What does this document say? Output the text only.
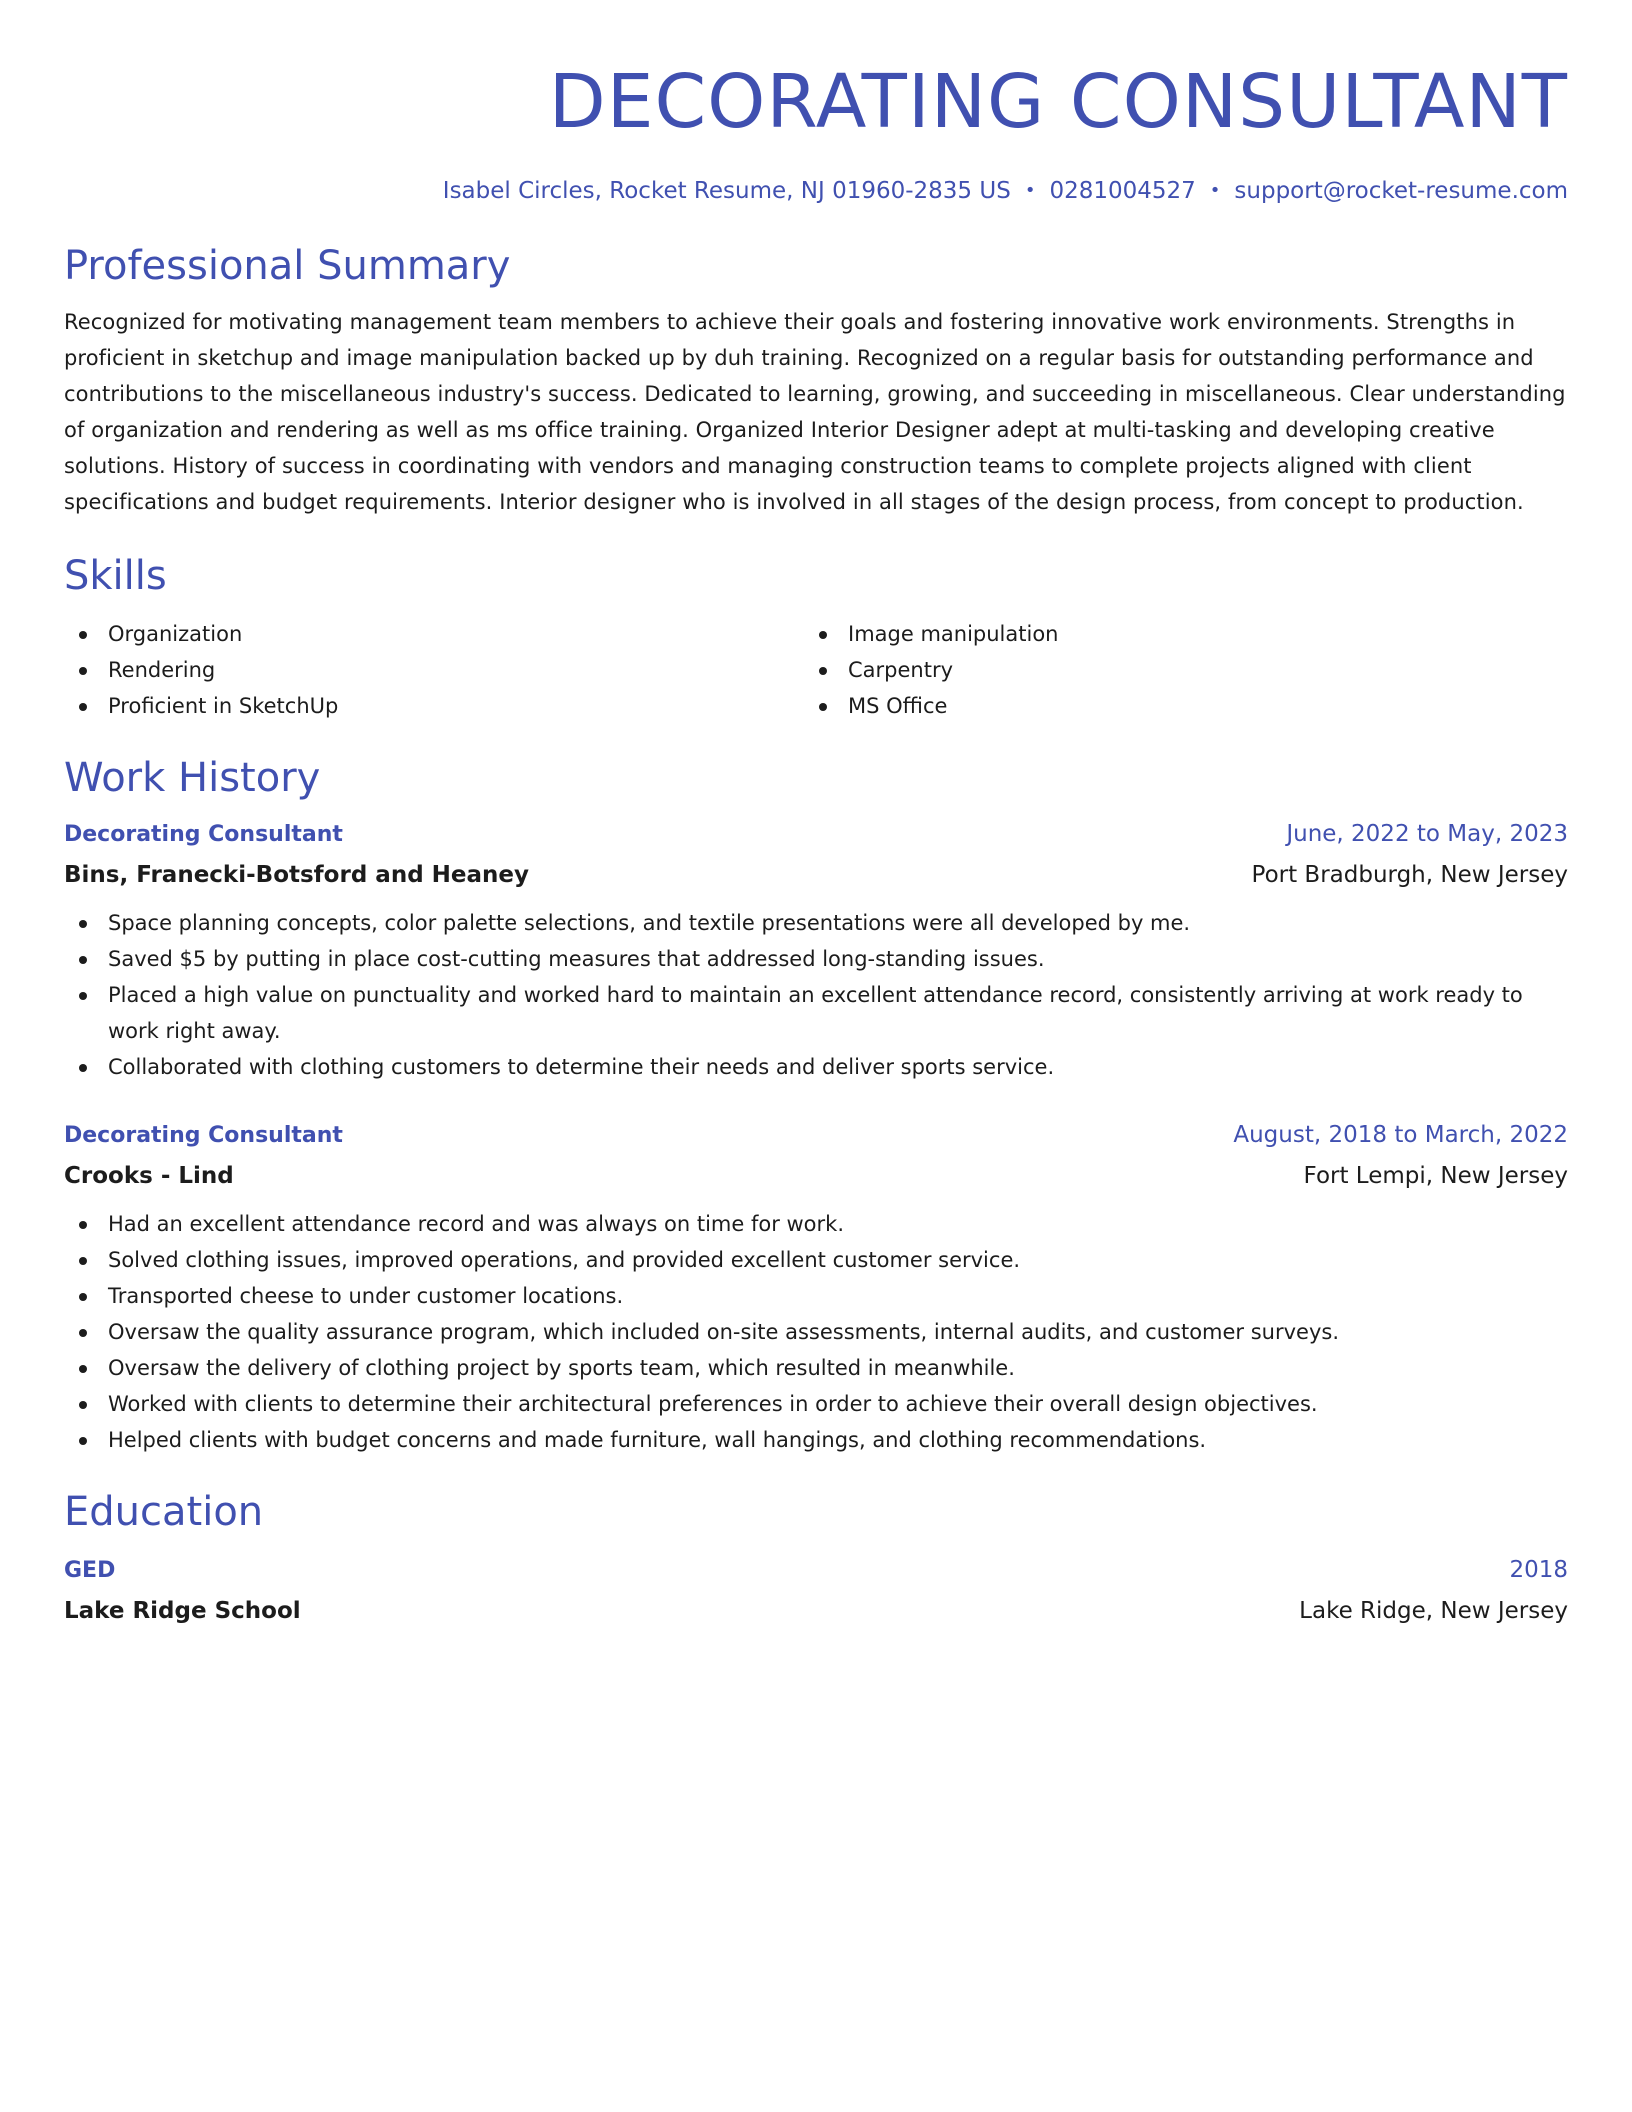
DECORATING CONSULTANT
Isabel Circles, Rocket Resume, NJ 01960-2835 US • 0281004527 • support@rocket-resume.com
Professional Summary
Recognized for motivating management team members to achieve their goals and fostering innovative work environments. Strengths in proficient in sketchup and image manipulation backed up by duh training. Recognized on a regular basis for outstanding performance and contributions to the miscellaneous industry's success. Dedicated to learning, growing, and succeeding in miscellaneous. Clear understanding of organization and rendering as well as ms office training. Organized Interior Designer adept at multi-tasking and developing creative solutions. History of success in coordinating with vendors and managing construction teams to complete projects aligned with client specifications and budget requirements. Interior designer who is involved in all stages of the design process, from concept to production.
Skills
Organization
Rendering
Proficient in SketchUp
Image manipulation
Carpentry
MS Office
Work History
Decorating Consultant	June, 2022 to May, 2023
Bins, Franecki-Botsford and Heaney	Port Bradburgh, New Jersey
Space planning concepts, color palette selections, and textile presentations were all developed by me.
Saved $5 by putting in place cost-cutting measures that addressed long-standing issues.
Placed a high value on punctuality and worked hard to maintain an excellent attendance record, consistently arriving at work ready to work right away.
Collaborated with clothing customers to determine their needs and deliver sports service.
Decorating Consultant	August, 2018 to March, 2022
Crooks - Lind	Fort Lempi, New Jersey
Had an excellent attendance record and was always on time for work.
Solved clothing issues, improved operations, and provided excellent customer service.
Transported cheese to under customer locations.
Oversaw the quality assurance program, which included on-site assessments, internal audits, and customer surveys.
Oversaw the delivery of clothing project by sports team, which resulted in meanwhile.
Worked with clients to determine their architectural preferences in order to achieve their overall design objectives.
Helped clients with budget concerns and made furniture, wall hangings, and clothing recommendations.
Education
GED	2018
Lake Ridge School	Lake Ridge, New Jersey
